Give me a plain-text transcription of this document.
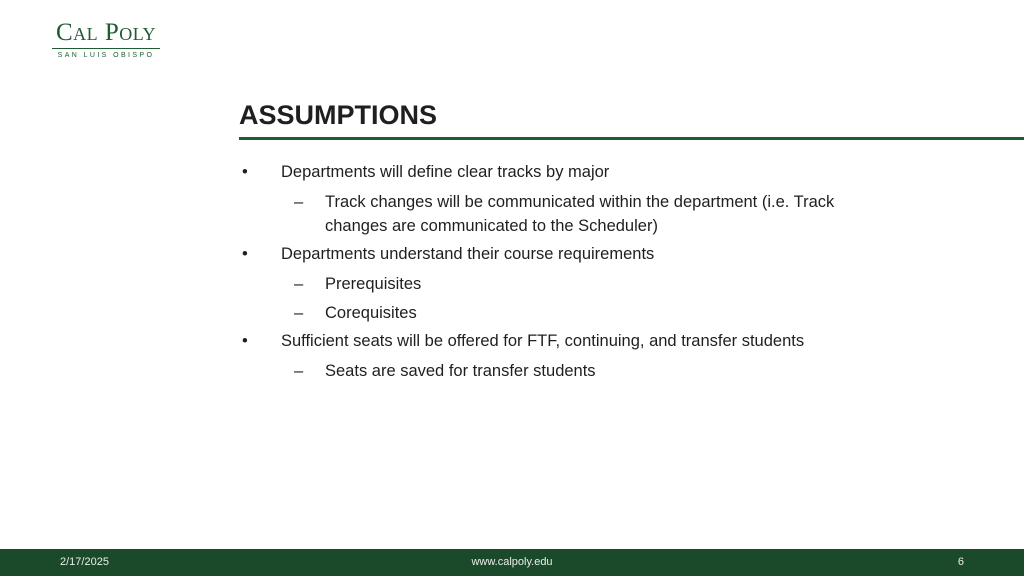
Cal Poly
SAN LUIS OBISPO
ASSUMPTIONS
• Departments will define clear tracks by major
– Track changes will be communicated within the department (i.e. Track changes are communicated to the Scheduler)
• Departments understand their course requirements
– Prerequisites
– Corequisites
• Sufficient seats will be offered for FTF, continuing, and transfer students
– Seats are saved for transfer students
2/17/2025	www.calpoly.edu	6
